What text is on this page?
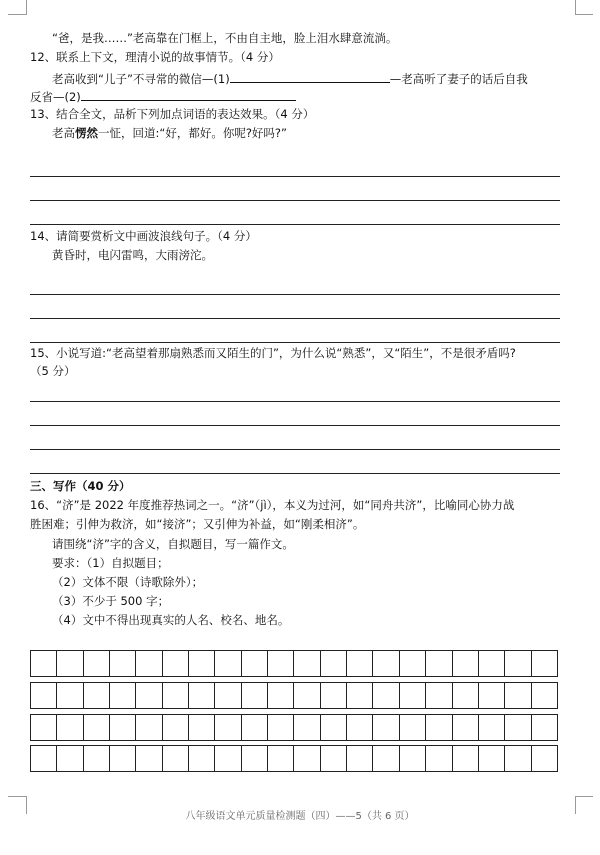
“爸，是我……”老高靠在门框上，不由自主地，脸上泪水肆意流淌。
12、联系上下文，理清小说的故事情节。（4 分）
老高收到“儿子”不寻常的微信—(1)	—老高听了妻子的话后自我
反省—(2)
13、结合全文，品析下列加点词语的表达效果。（4 分）
老高愣然一怔，回道:“好，都好。你呢?好吗?”
14、请简要赏析文中画波浪线句子。（4 分）
黄昏时，电闪雷鸣，大雨滂沱。
15、小说写道:“老高望着那扇熟悉而又陌生的门”，为什么说“熟悉”，又“陌生”，不是很矛盾吗?
（5 分）
三、写作（40 分）
16、“济”是 2022 年度推荐热词之一。“济”（jì），本义为过河，如“同舟共济”，比喻同心协力战
胜困难；引伸为救济，如“接济”；又引伸为补益，如“刚柔相济”。
请围绕“济”字的含义，自拟题目，写一篇作文。
要求：（1）自拟题目；
（2）文体不限（诗歌除外）；
（3）不少于 500 字；
（4）文中不得出现真实的人名、校名、地名。
八年级语文单元质量检测题（四）——5（共 6 页）
